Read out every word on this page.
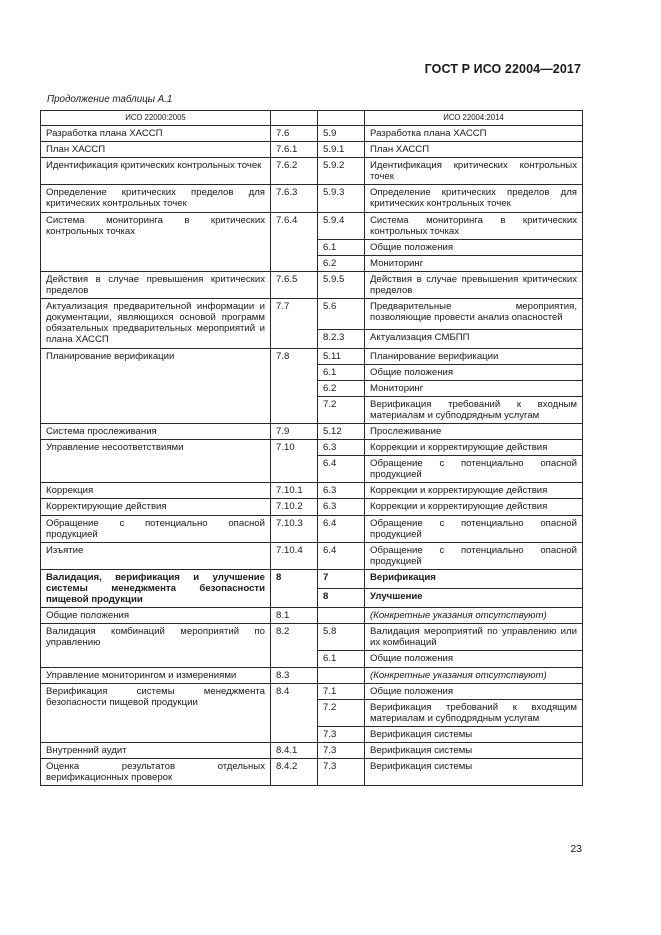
ГОСТ Р ИСО 22004—2017
Продолжение таблицы А.1
ИСО 22000:2005			ИСО 22004:2014
Разработка плана ХАССП	7.6	5.9	Разработка плана ХАССП
План ХАССП	7.6.1	5.9.1	План ХАССП
Идентификация критических контрольных точек	7.6.2	5.9.2	Идентификация критических контрольных точек
Определение критических пределов для критических контрольных точек	7.6.3	5.9.3	Определение критических пределов для критических контрольных точек
Система мониторинга в критических контрольных точках	7.6.4	5.9.4	Система мониторинга в критических контрольных точках
		6.1	Общие положения
		6.2	Мониторинг
Действия в случае превышения критических пределов	7.6.5	5.9.5	Действия в случае превышения критических пределов
Актуализация предварительной информации и документации, являющихся основой программ обязательных предварительных мероприятий и плана ХАССП	7.7	5.6	Предварительные мероприятия, позволяющие провести анализ опасностей
		8.2.3	Актуализация СМБПП
Планирование верификации	7.8	5.11	Планирование верификации
		6.1	Общие положения
		6.2	Мониторинг
		7.2	Верификация требований к входным материалам и субподрядным услугам
Система прослеживания	7.9	5.12	Прослеживание
Управление несоответствиями	7.10	6.3	Коррекции и корректирующие действия
		6.4	Обращение с потенциально опасной продукцией
Коррекция	7.10.1	6.3	Коррекции и корректирующие действия
Корректирующие действия	7.10.2	6.3	Коррекции и корректирующие действия
Обращение с потенциально опасной продукцией	7.10.3	6.4	Обращение с потенциально опасной продукцией
Изъятие	7.10.4	6.4	Обращение с потенциально опасной продукцией
Валидация, верификация и улучшение системы менеджмента безопасности пищевой продукции	8	7	Верификация
		8	Улучшение
Общие положения	8.1		(Конкретные указания отсутствуют)
Валидация комбинаций мероприятий по управлению	8.2	5.8	Валидация мероприятий по управлению или их комбинаций
		6.1	Общие положения
Управление мониторингом и измерениями	8.3		(Конкретные указания отсутствуют)
Верификация системы менеджмента безопасности пищевой продукции	8.4	7.1	Общие положения
		7.2	Верификация требований к входящим материалам и субподрядным услугам
		7.3	Верификация системы
Внутренний аудит	8.4.1	7.3	Верификация системы
Оценка результатов отдельных верификационных проверок	8.4.2	7.3	Верификация системы
23
